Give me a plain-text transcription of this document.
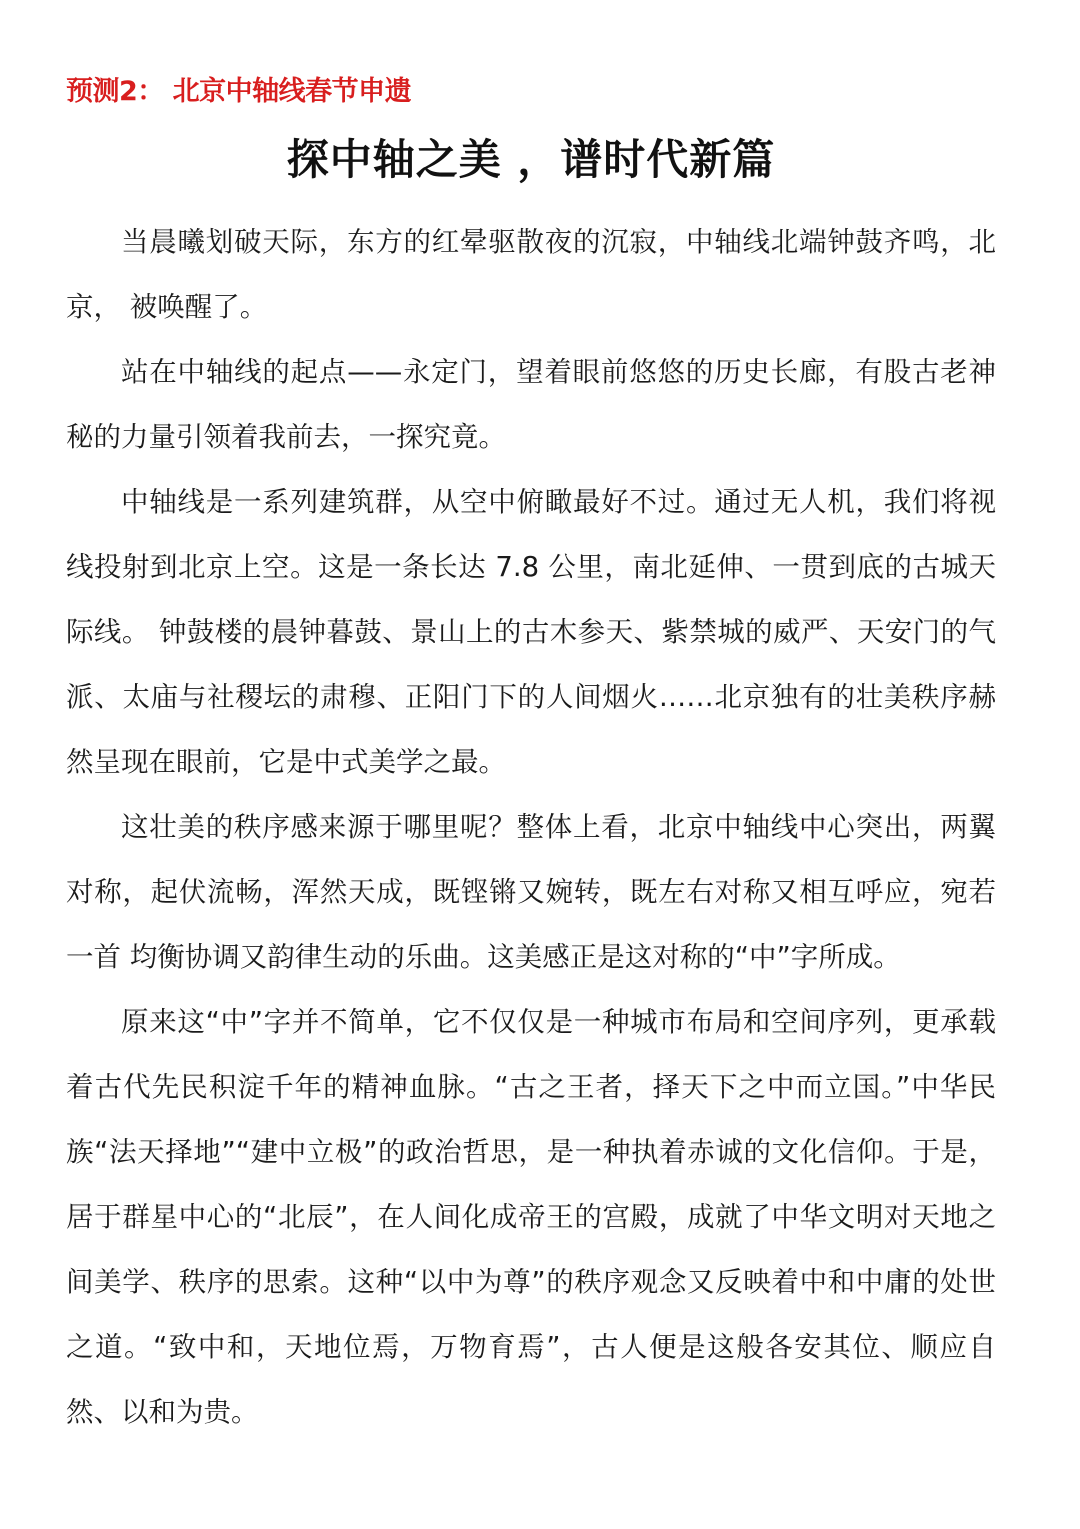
预测2： 北京中轴线春节申遗
探中轴之美 ，谱时代新篇

当晨曦划破天际，东方的红晕驱散夜的沉寂，中轴线北端钟鼓齐鸣，北京， 被唤醒了。

站在中轴线的起点——永定门，望着眼前悠悠的历史长廊，有股古老神秘的力量引领着我前去，一探究竟。

中轴线是一系列建筑群，从空中俯瞰最好不过。通过无人机，我们将视线投射到北京上空。这是一条长达 7.8 公里，南北延伸、一贯到底的古城天际线。 钟鼓楼的晨钟暮鼓、景山上的古木参天、紫禁城的威严、天安门的气派、太庙与社稷坛的肃穆、正阳门下的人间烟火……北京独有的壮美秩序赫然呈现在眼前，它是中式美学之最。

这壮美的秩序感来源于哪里呢？整体上看，北京中轴线中心突出，两翼对称，起伏流畅，浑然天成，既铿锵又婉转，既左右对称又相互呼应，宛若一首 均衡协调又韵律生动的乐曲。这美感正是这对称的“中”字所成。

原来这“中”字并不简单，它不仅仅是一种城市布局和空间序列，更承载着古代先民积淀千年的精神血脉。“古之王者，择天下之中而立国。”中华民族“法天择地”“建中立极”的政治哲思，是一种执着赤诚的文化信仰。于是，居于群星中心的“北辰”，在人间化成帝王的宫殿，成就了中华文明对天地之间美学、秩序的思索。这种“以中为尊”的秩序观念又反映着中和中庸的处世之道。“致中和，天地位焉，万物育焉”，古人便是这般各安其位、顺应自然、以和为贵。
